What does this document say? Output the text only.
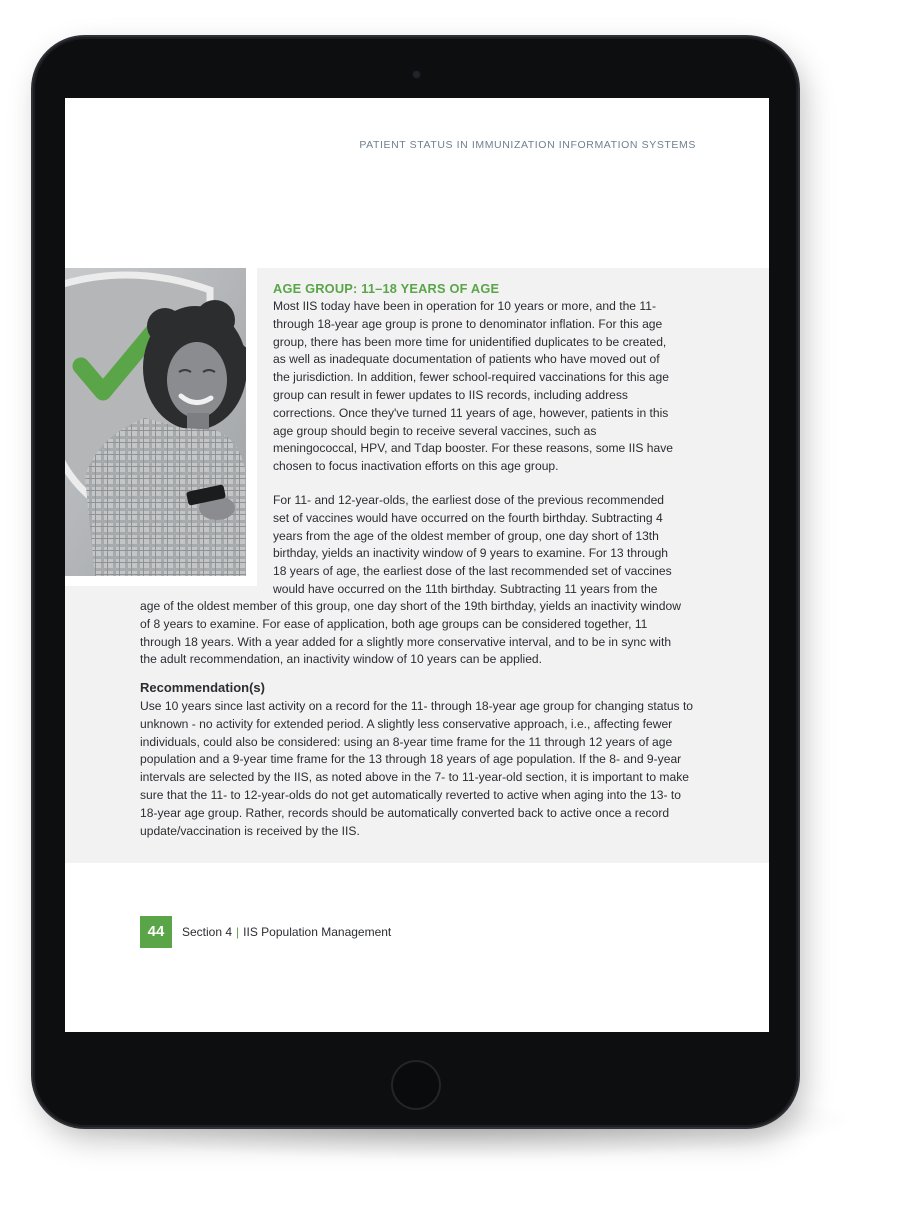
PATIENT STATUS IN IMMUNIZATION INFORMATION SYSTEMS
AGE GROUP: 11–18 YEARS OF AGE

Most IIS today have been in operation for 10 years or more, and the 11-through 18-year age group is prone to denominator inflation. For this age group, there has been more time for unidentified duplicates to be created, as well as inadequate documentation of patients who have moved out of the jurisdiction. In addition, fewer school-required vaccinations for this age group can result in fewer updates to IIS records, including address corrections. Once they've turned 11 years of age, however, patients in this age group should begin to receive several vaccines, such as meningococcal, HPV, and Tdap booster. For these reasons, some IIS have chosen to focus inactivation efforts on this age group.

For 11- and 12-year-olds, the earliest dose of the previous recommended set of vaccines would have occurred on the fourth birthday. Subtracting 4 years from the age of the oldest member of group, one day short of 13th birthday, yields an inactivity window of 9 years to examine. For 13 through 18 years of age, the earliest dose of the last recommended set of vaccines would have occurred on the 11th birthday. Subtracting 11 years from the

age of the oldest member of this group, one day short of the 19th birthday, yields an inactivity window of 8 years to examine. For ease of application, both age groups can be considered together, 11 through 18 years. With a year added for a slightly more conservative interval, and to be in sync with the adult recommendation, an inactivity window of 10 years can be applied.

Recommendation(s)

Use 10 years since last activity on a record for the 11- through 18-year age group for changing status to unknown - no activity for extended period. A slightly less conservative approach, i.e., affecting fewer individuals, could also be considered: using an 8-year time frame for the 11 through 12 years of age population and a 9-year time frame for the 13 through 18 years of age population. If the 8- and 9-year intervals are selected by the IIS, as noted above in the 7- to 11-year-old section, it is important to make sure that the 11- to 12-year-olds do not get automatically reverted to active when aging into the 13- to 18-year age group. Rather, records should be automatically converted back to active once a record update/vaccination is received by the IIS.

44	Section 4 | IIS Population Management
